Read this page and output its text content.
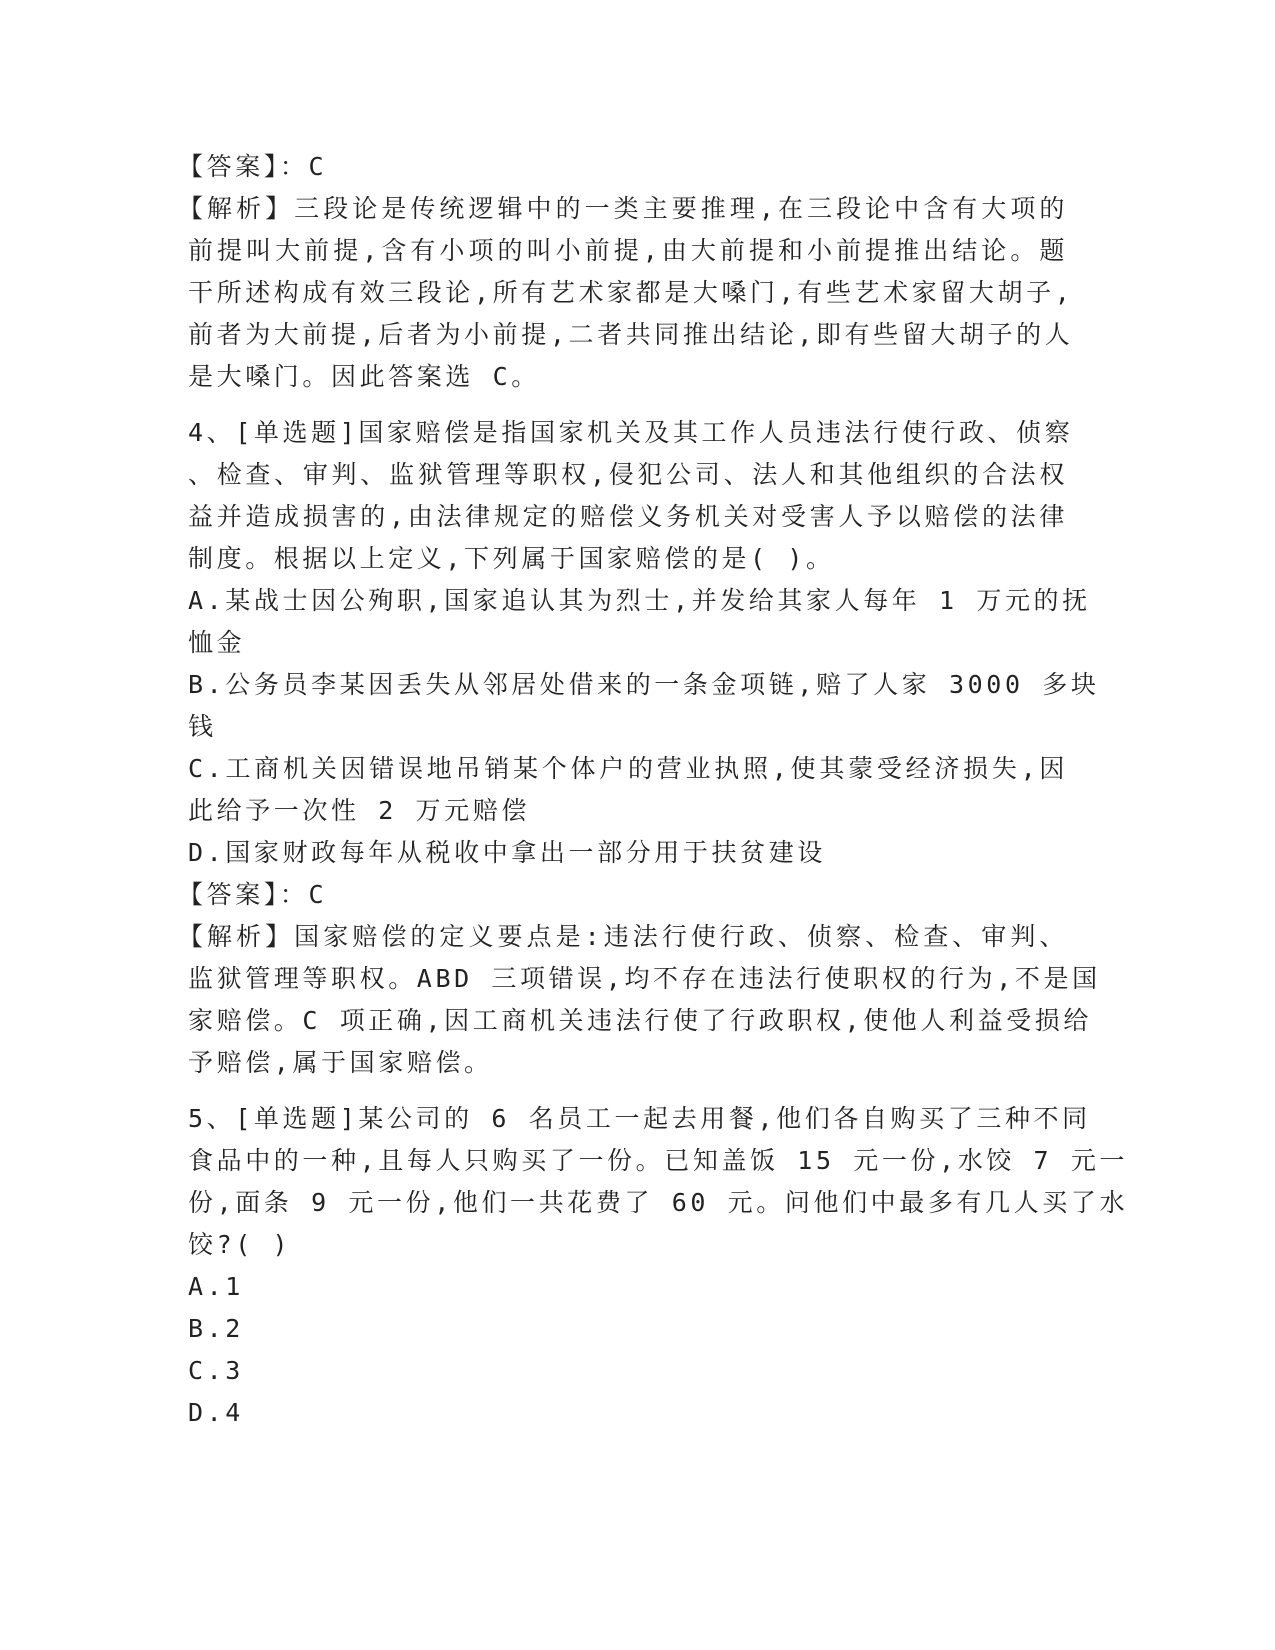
【答案】：C
【解析】三段论是传统逻辑中的一类主要推理,在三段论中含有大项的
前提叫大前提,含有小项的叫小前提,由大前提和小前提推出结论。题
干所述构成有效三段论,所有艺术家都是大嗓门,有些艺术家留大胡子,
前者为大前提,后者为小前提,二者共同推出结论,即有些留大胡子的人
是大嗓门。因此答案选 C。
4、[单选题]国家赔偿是指国家机关及其工作人员违法行使行政、侦察
、检查、审判、监狱管理等职权,侵犯公司、法人和其他组织的合法权
益并造成损害的,由法律规定的赔偿义务机关对受害人予以赔偿的法律
制度。根据以上定义,下列属于国家赔偿的是( )。
A.某战士因公殉职,国家追认其为烈士,并发给其家人每年 1 万元的抚
恤金
B.公务员李某因丢失从邻居处借来的一条金项链,赔了人家 3000 多块
钱
C.工商机关因错误地吊销某个体户的营业执照,使其蒙受经济损失,因
此给予一次性 2 万元赔偿
D.国家财政每年从税收中拿出一部分用于扶贫建设
【答案】：C
【解析】国家赔偿的定义要点是:违法行使行政、侦察、检查、审判、
监狱管理等职权。ABD 三项错误,均不存在违法行使职权的行为,不是国
家赔偿。C 项正确,因工商机关违法行使了行政职权,使他人利益受损给
予赔偿,属于国家赔偿。
5、[单选题]某公司的 6 名员工一起去用餐,他们各自购买了三种不同
食品中的一种,且每人只购买了一份。已知盖饭 15 元一份,水饺 7 元一
份,面条 9 元一份,他们一共花费了 60 元。问他们中最多有几人买了水
饺?( )
A.1
B.2
C.3
D.4
